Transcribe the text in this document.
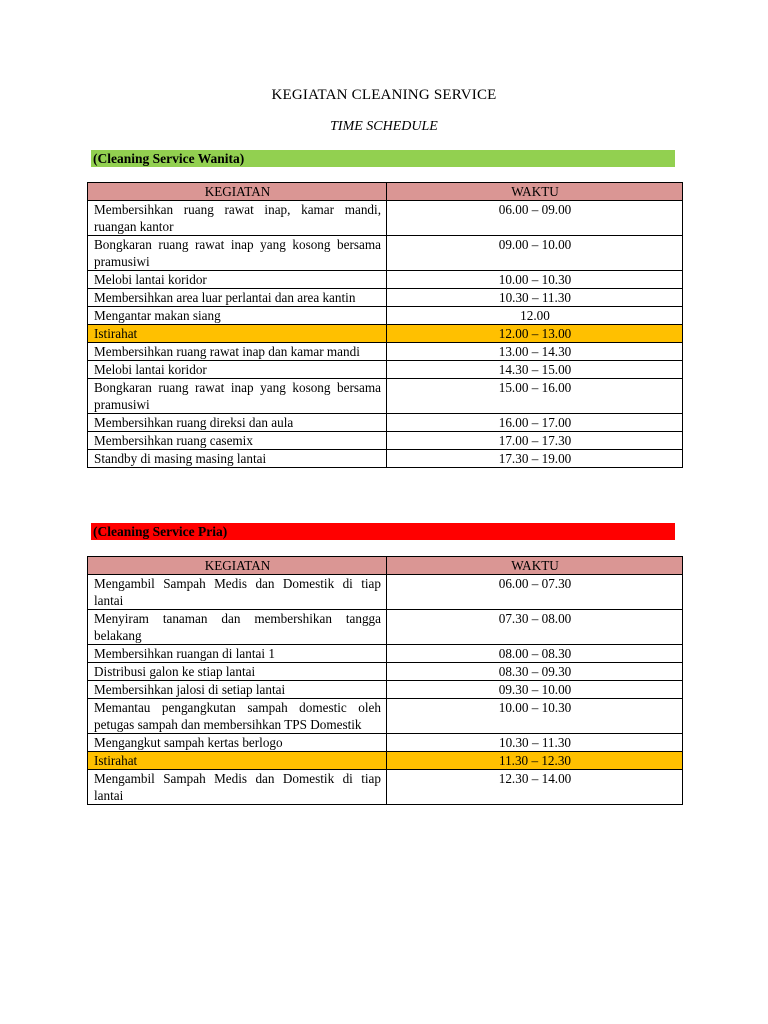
KEGIATAN CLEANING SERVICE
TIME SCHEDULE
(Cleaning Service Wanita)
KEGIATAN	WAKTU
Membersihkan ruang rawat inap, kamar mandi, ruangan kantor	06.00 – 09.00
Bongkaran ruang rawat inap yang kosong bersama pramusiwi	09.00 – 10.00
Melobi lantai koridor	10.00 – 10.30
Membersihkan area luar perlantai dan area kantin	10.30 – 11.30
Mengantar makan siang	12.00
Istirahat	12.00 – 13.00
Membersihkan ruang rawat inap dan kamar mandi	13.00 – 14.30
Melobi lantai koridor	14.30 – 15.00
Bongkaran ruang rawat inap yang kosong bersama pramusiwi	15.00 – 16.00
Membersihkan ruang direksi dan aula	16.00 – 17.00
Membersihkan ruang casemix	17.00 – 17.30
Standby di masing masing lantai	17.30 – 19.00
(Cleaning Service Pria)
KEGIATAN	WAKTU
Mengambil Sampah Medis dan Domestik di tiap lantai	06.00 – 07.30
Menyiram tanaman dan membershikan tangga belakang	07.30 – 08.00
Membersihkan ruangan di lantai 1	08.00 – 08.30
Distribusi galon ke stiap lantai	08.30 – 09.30
Membersihkan jalosi di setiap lantai	09.30 – 10.00
Memantau pengangkutan sampah domestic oleh petugas sampah dan membersihkan TPS Domestik	10.00 – 10.30
Mengangkut sampah kertas berlogo	10.30 – 11.30
Istirahat	11.30 – 12.30
Mengambil Sampah Medis dan Domestik di tiap lantai	12.30 – 14.00
